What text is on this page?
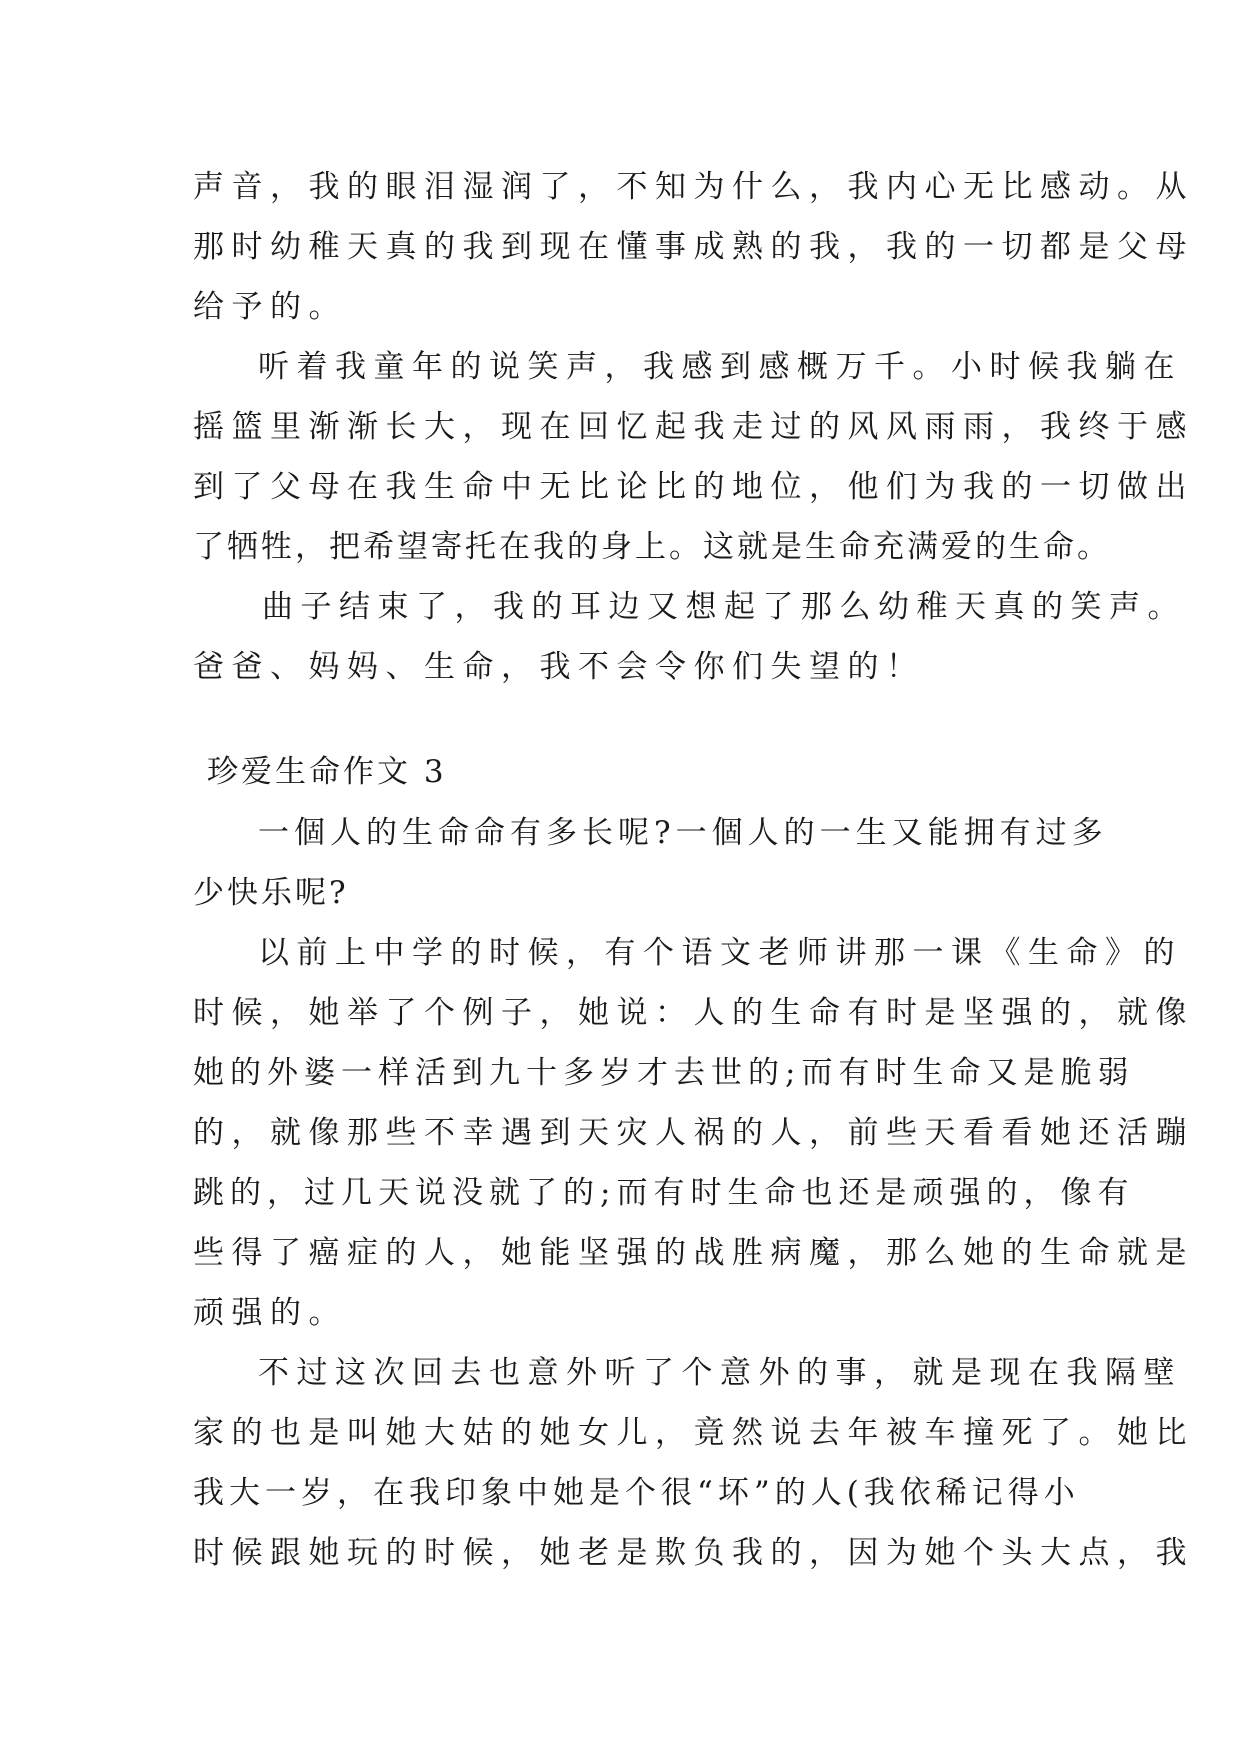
声音，我的眼泪湿润了，不知为什么，我内心无比感动。从
那时幼稚天真的我到现在懂事成熟的我，我的一切都是父母
给予的。
听着我童年的说笑声，我感到感概万千。小时候我躺在
摇篮里渐渐长大，现在回忆起我走过的风风雨雨，我终于感
到了父母在我生命中无比论比的地位，他们为我的一切做出
了牺牲，把希望寄托在我的身上。这就是生命充满爱的生命。
曲子结束了，我的耳边又想起了那么幼稚天真的笑声。
爸爸、妈妈、生命，我不会令你们失望的！
珍爱生命作文 3
一個人的生命命有多长呢?一個人的一生又能拥有过多
少快乐呢?
以前上中学的时候，有个语文老师讲那一课《生命》的
时候，她举了个例子，她说：人的生命有时是坚强的，就像
她的外婆一样活到九十多岁才去世的;而有时生命又是脆弱
的，就像那些不幸遇到天灾人祸的人，前些天看看她还活蹦
跳的，过几天说没就了的;而有时生命也还是顽强的，像有
些得了癌症的人，她能坚强的战胜病魔，那么她的生命就是
顽强的。
不过这次回去也意外听了个意外的事，就是现在我隔壁
家的也是叫她大姑的她女儿，竟然说去年被车撞死了。她比
我大一岁，在我印象中她是个很“坏”的人(我依稀记得小
时候跟她玩的时候，她老是欺负我的，因为她个头大点，我
